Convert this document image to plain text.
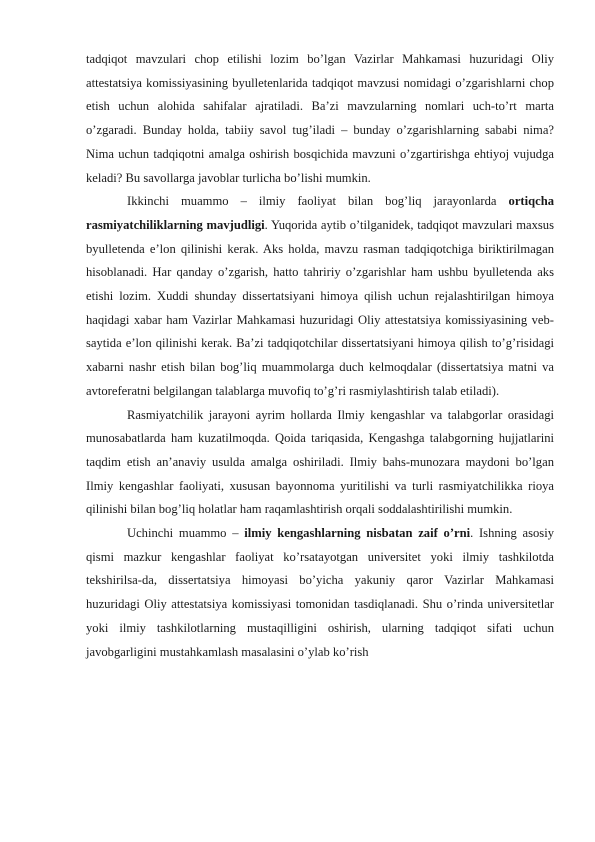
tadqiqot mavzulari chop etilishi lozim bo’lgan Vazirlar Mahkamasi huzuridagi Oliy attestatsiya komissiyasining byulletenlarida tadqiqot mavzusi nomidagi o’zgarishlarni chop etish uchun alohida sahifalar ajratiladi. Ba’zi mavzularning nomlari uch-to’rt marta o’zgaradi. Bunday holda, tabiiy savol tug’iladi – bunday o’zgarishlarning sababi nima? Nima uchun tadqiqotni amalga oshirish bosqichida mavzuni o’zgartirishga ehtiyoj vujudga keladi? Bu savollarga javoblar turlicha bo’lishi mumkin.

Ikkinchi muammo – ilmiy faoliyat bilan bog’liq jarayonlarda ortiqcha rasmiyatchiliklarning mavjudligi. Yuqorida aytib o’tilganidek, tadqiqot mavzulari maxsus byulletenda e’lon qilinishi kerak. Aks holda, mavzu rasman tadqiqotchiga biriktirilmagan hisoblanadi. Har qanday o’zgarish, hatto tahririy o’zgarishlar ham ushbu byulletenda aks etishi lozim. Xuddi shunday dissertatsiyani himoya qilish uchun rejalashtirilgan himoya haqidagi xabar ham Vazirlar Mahkamasi huzuridagi Oliy attestatsiya komissiyasining veb-saytida e’lon qilinishi kerak. Ba’zi tadqiqotchilar dissertatsiyani himoya qilish to’g’risidagi xabarni nashr etish bilan bog’liq muammolarga duch kelmoqdalar (dissertatsiya matni va avtoreferatni belgilangan talablarga muvofiq to’g’ri rasmiylashtirish talab etiladi).

Rasmiyatchilik jarayoni ayrim hollarda Ilmiy kengashlar va talabgorlar orasidagi munosabatlarda ham kuzatilmoqda. Qoida tariqasida, Kengashga talabgorning hujjatlarini taqdim etish an’anaviy usulda amalga oshiriladi. Ilmiy bahs-munozara maydoni bo’lgan Ilmiy kengashlar faoliyati, xususan bayonnoma yuritilishi va turli rasmiyatchilikka rioya qilinishi bilan bog’liq holatlar ham raqamlashtirish orqali soddalashtirilishi mumkin.

Uchinchi muammo – ilmiy kengashlarning nisbatan zaif o’rni. Ishning asosiy qismi mazkur kengashlar faoliyat ko’rsatayotgan universitet yoki ilmiy tashkilotda tekshirilsa-da, dissertatsiya himoyasi bo’yicha yakuniy qaror Vazirlar Mahkamasi huzuridagi Oliy attestatsiya komissiyasi tomonidan tasdiqlanadi. Shu o’rinda universitetlar yoki ilmiy tashkilotlarning mustaqilligini oshirish, ularning tadqiqot sifati uchun javobgarligini mustahkamlash masalasini o’ylab ko’rish
